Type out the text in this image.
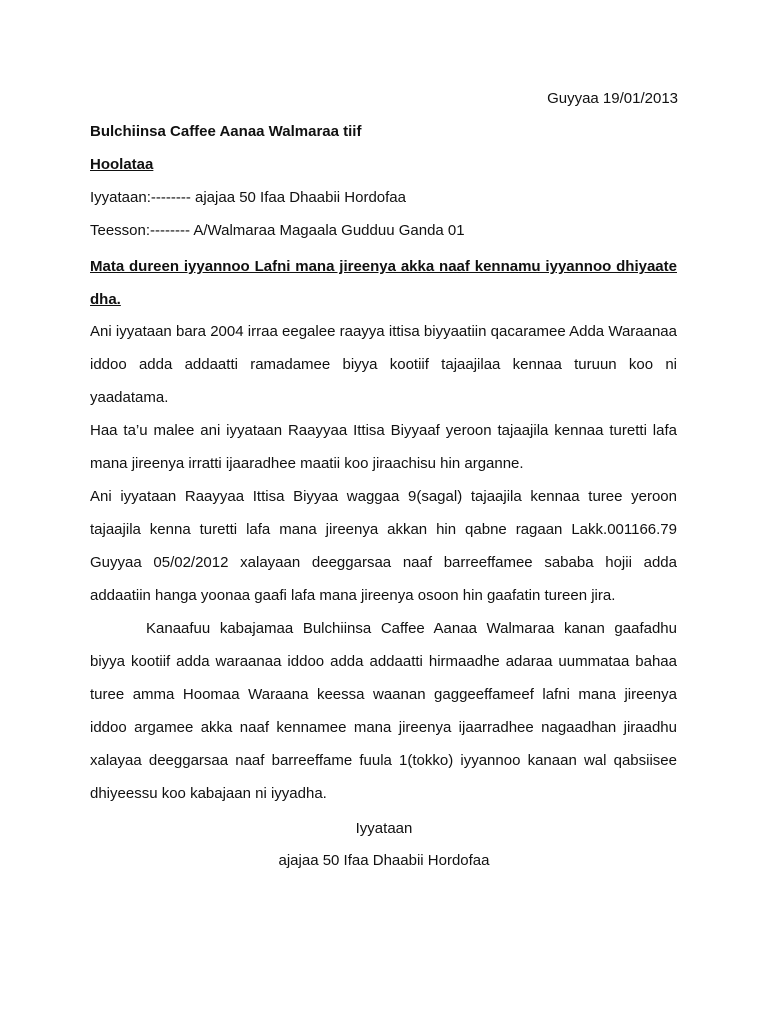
Guyyaa 19/01/2013
Bulchiinsa Caffee Aanaa Walmaraa tiif
Hoolataa
Iyyataan:-------- ajajaa 50 Ifaa Dhaabii Hordofaa
Teesson:-------- A/Walmaraa Magaala Gudduu Ganda 01
Mata dureen iyyannoo Lafni mana jireenya akka naaf kennamu iyyannoo dhiyaate dha.
Ani iyyataan bara 2004 irraa eegalee raayya ittisa biyyaatiin qacaramee Adda Waraanaa iddoo adda addaatti ramadamee biyya kootiif tajaajilaa kennaa turuun koo ni yaadatama.
Haa ta’u malee ani iyyataan Raayyaa Ittisa Biyyaaf yeroon tajaajila kennaa turetti lafa mana jireenya irratti ijaaradhee maatii koo jiraachisu hin arganne.
Ani iyyataan Raayyaa Ittisa Biyyaa waggaa 9(sagal) tajaajila kennaa turee yeroon tajaajila kenna turetti lafa mana jireenya akkan hin qabne ragaan Lakk.001166.79 Guyyaa 05/02/2012 xalayaan deeggarsaa naaf barreeffamee sababa hojii adda addaatiin hanga yoonaa gaafi lafa mana jireenya osoon hin gaafatin tureen jira.
Kanaafuu kabajamaa Bulchiinsa Caffee Aanaa Walmaraa kanan gaafadhu biyya kootiif adda waraanaa iddoo adda addaatti hirmaadhe adaraa uummataa bahaa turee amma Hoomaa Waraana keessa waanan gaggeeffameef lafni mana jireenya iddoo argamee akka naaf kennamee mana jireenya ijaarradhee nagaadhan jiraadhu xalayaa deeggarsaa naaf barreeffame fuula 1(tokko) iyyannoo kanaan wal qabsiisee dhiyeessu koo kabajaan ni iyyadha.
Iyyataan
ajajaa 50 Ifaa Dhaabii Hordofaa
